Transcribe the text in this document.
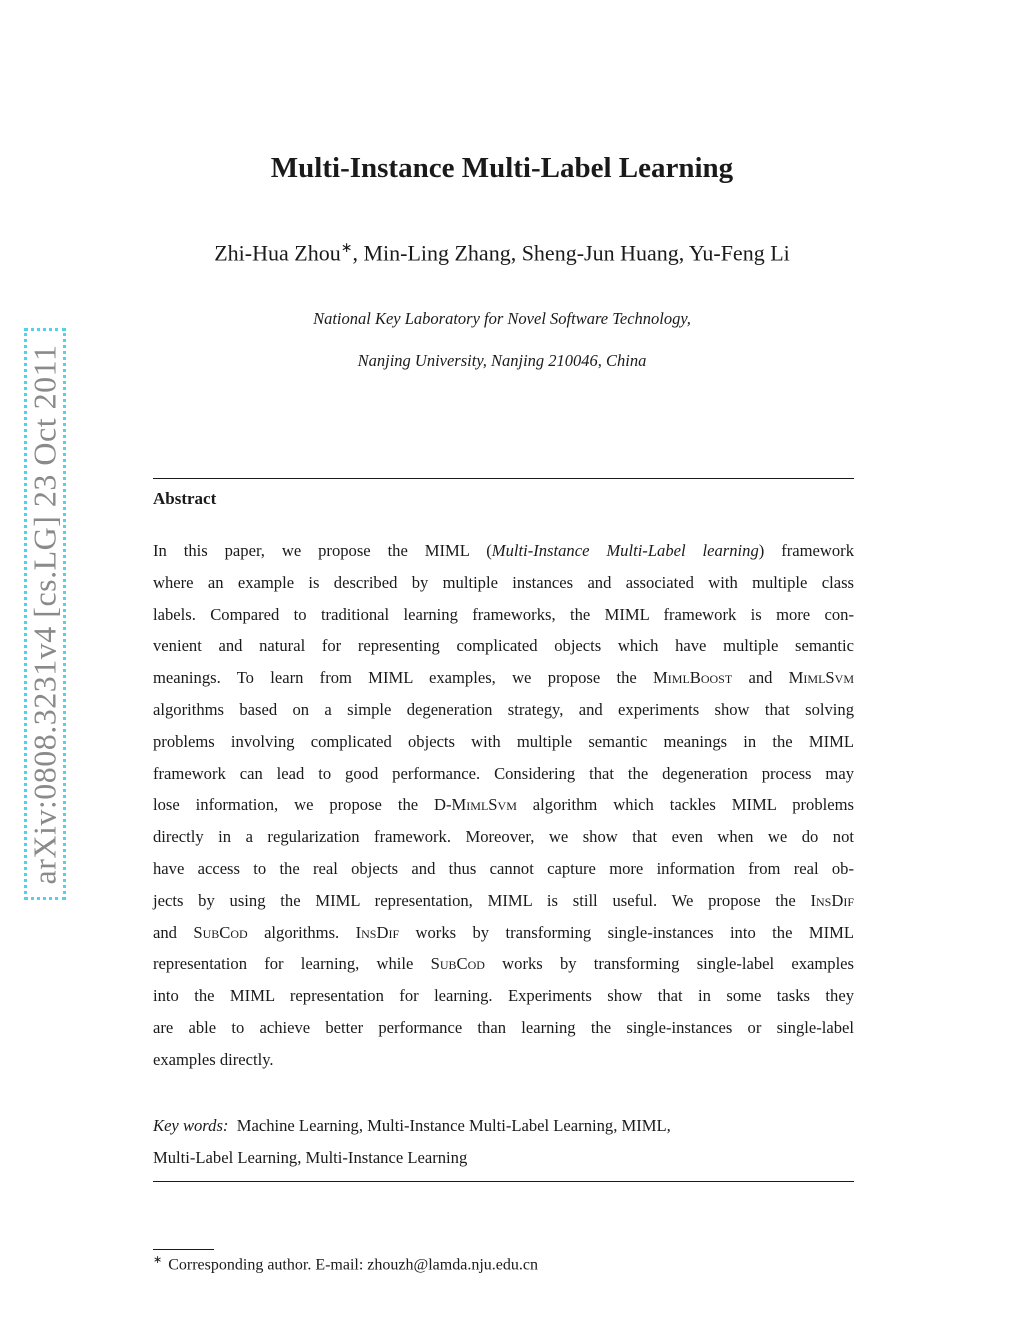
arXiv:0808.3231v4 [cs.LG] 23 Oct 2011
Multi-Instance Multi-Label Learning
Zhi-Hua Zhou∗, Min-Ling Zhang, Sheng-Jun Huang, Yu-Feng Li
National Key Laboratory for Novel Software Technology,
Nanjing University, Nanjing 210046, China
Abstract
In this paper, we propose the MIML (Multi-Instance Multi-Label learning) framework
where an example is described by multiple instances and associated with multiple class
labels. Compared to traditional learning frameworks, the MIML framework is more con-
venient and natural for representing complicated objects which have multiple semantic
meanings. To learn from MIML examples, we propose the MimlBoost and MimlSvm
algorithms based on a simple degeneration strategy, and experiments show that solving
problems involving complicated objects with multiple semantic meanings in the MIML
framework can lead to good performance. Considering that the degeneration process may
lose information, we propose the D-MimlSvm algorithm which tackles MIML problems
directly in a regularization framework. Moreover, we show that even when we do not
have access to the real objects and thus cannot capture more information from real ob-
jects by using the MIML representation, MIML is still useful. We propose the InsDif
and SubCod algorithms. InsDif works by transforming single-instances into the MIML
representation for learning, while SubCod works by transforming single-label examples
into the MIML representation for learning. Experiments show that in some tasks they
are able to achieve better performance than learning the single-instances or single-label
examples directly.
Key words: Machine Learning, Multi-Instance Multi-Label Learning, MIML,
Multi-Label Learning, Multi-Instance Learning

∗ Corresponding author. E-mail: zhouzh@lamda.nju.edu.cn
